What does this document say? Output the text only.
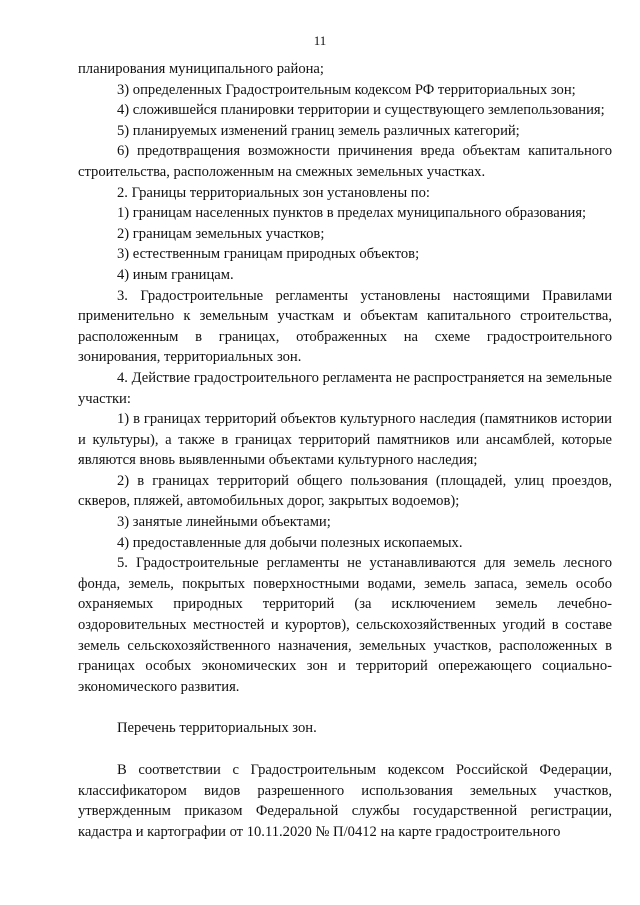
11

планирования муниципального района;

3) определенных Градостроительным кодексом РФ территориальных зон;

4) сложившейся планировки территории и существующего землепользования;

5) планируемых изменений границ земель различных категорий;

6) предотвращения возможности причинения вреда объектам капитального строительства, расположенным на смежных земельных участках.

2. Границы территориальных зон установлены по:

1) границам населенных пунктов в пределах муниципального образования;

2) границам земельных участков;

3) естественным границам природных объектов;

4) иным границам.

3. Градостроительные регламенты установлены настоящими Правилами применительно к земельным участкам и объектам капитального строительства, расположенным в границах, отображенных на схеме градостроительного зонирования, территориальных зон.

4. Действие градостроительного регламента не распространяется на земельные участки:

1) в границах территорий объектов культурного наследия (памятников истории и культуры), а также в границах территорий памятников или ансамблей, которые являются вновь выявленными объектами культурного наследия;

2) в границах территорий общего пользования (площадей, улиц проездов, скверов, пляжей, автомобильных дорог, закрытых водоемов);

3) занятые линейными объектами;

4) предоставленные для добычи полезных ископаемых.

5. Градостроительные регламенты не устанавливаются для земель лесного фонда, земель, покрытых поверхностными водами, земель запаса, земель особо охраняемых природных территорий (за исключением земель лечебно-оздоровительных местностей и курортов), сельскохозяйственных угодий в составе земель сельскохозяйственного назначения, земельных участков, расположенных в границах особых экономических зон и территорий опережающего социально-экономического развития.

Перечень территориальных зон.

В соответствии с Градостроительным кодексом Российской Федерации, классификатором видов разрешенного использования земельных участков, утвержденным приказом Федеральной службы государственной регистрации, кадастра и картографии от 10.11.2020 № П/0412 на карте градостроительного
